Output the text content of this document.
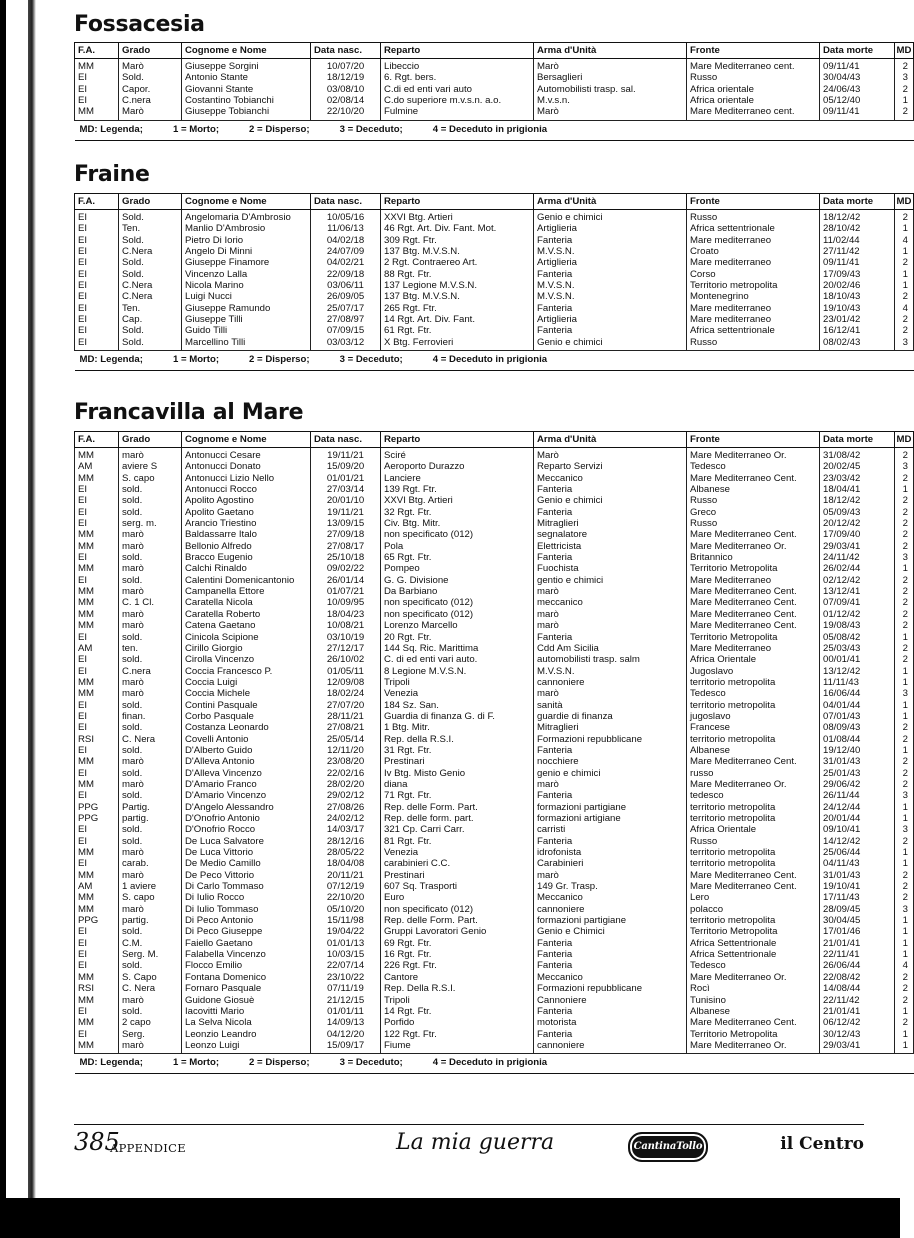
Fossacesia
F.A.	Grado	Cognome e Nome	Data nasc.	Reparto	Arma d'Unità	Fronte	Data morte	MD
MM	Marò	Giuseppe Sorgini	10/07/20	Libeccio	Marò	Mare Mediterraneo cent.	09/11/41	2
EI	Sold.	Antonio Stante	18/12/19	6. Rgt. bers.	Bersaglieri	Russo	30/04/43	3
EI	Capor.	Giovanni Stante	03/08/10	C.di ed enti vari auto	Automobilisti trasp. sal.	Africa orientale	24/06/43	2
EI	C.nera	Costantino Tobianchi	02/08/14	C.do superiore m.v.s.n. a.o.	M.v.s.n.	Africa orientale	05/12/40	1
MM	Marò	Giuseppe Tobianchi	22/10/20	Fulmine	Marò	Mare Mediterraneo cent.	09/11/41	2
MD: Legenda; 1 = Morto; 2 = Disperso; 3 = Deceduto; 4 = Deceduto in prigionia								
Fraine
F.A.	Grado	Cognome e Nome	Data nasc.	Reparto	Arma d'Unità	Fronte	Data morte	MD
EI	Sold.	Angelomaria D'Ambrosio	10/05/16	XXVI Btg. Artieri	Genio e chimici	Russo	18/12/42	2
EI	Ten.	Manlio D'Ambrosio	11/06/13	46 Rgt. Art. Div. Fant. Mot.	Artiglieria	Africa settentrionale	28/10/42	1
EI	Sold.	Pietro Di Iorio	04/02/18	309 Rgt. Ftr.	Fanteria	Mare mediterraneo	11/02/44	4
EI	C.Nera	Angelo Di Minni	24/07/09	137 Btg. M.V.S.N.	M.V.S.N.	Croato	27/11/42	1
EI	Sold.	Giuseppe Finamore	04/02/21	2 Rgt. Contraereo Art.	Artiglieria	Mare mediterraneo	09/11/41	2
EI	Sold.	Vincenzo Lalla	22/09/18	88 Rgt. Ftr.	Fanteria	Corso	17/09/43	1
EI	C.Nera	Nicola Marino	03/06/11	137 Legione M.V.S.N.	M.V.S.N.	Territorio metropolita	20/02/46	1
EI	C.Nera	Luigi Nucci	26/09/05	137 Btg. M.V.S.N.	M.V.S.N.	Montenegrino	18/10/43	2
EI	Ten.	Giuseppe Ramundo	25/07/17	265 Rgt. Ftr.	Fanteria	Mare mediterraneo	19/10/43	4
EI	Cap.	Giuseppe Tilli	27/08/97	14 Rgt. Art. Div. Fant.	Artiglieria	Mare mediterraneo	23/01/42	2
EI	Sold.	Guido Tilli	07/09/15	61 Rgt. Ftr.	Fanteria	Africa settentrionale	16/12/41	2
EI	Sold.	Marcellino Tilli	03/03/12	X Btg. Ferrovieri	Genio e chimici	Russo	08/02/43	3
MD: Legenda; 1 = Morto; 2 = Disperso; 3 = Deceduto; 4 = Deceduto in prigionia								
Francavilla al Mare
F.A.	Grado	Cognome e Nome	Data nasc.	Reparto	Arma d'Unità	Fronte	Data morte	MD
MM	marò	Antonucci Cesare	19/11/21	Sciré	Marò	Mare Mediterraneo Or.	31/08/42	2
AM	aviere S	Antonucci Donato	15/09/20	Aeroporto Durazzo	Reparto Servizi	Tedesco	20/02/45	3
MM	S. capo	Antonucci Lizio Nello	01/01/21	Lanciere	Meccanico	Mare Mediterraneo Cent.	23/03/42	2
EI	sold.	Antonucci Rocco	27/03/14	139 Rgt. Ftr.	Fanteria	Albanese	18/04/41	1
EI	sold.	Apolito Agostino	20/01/10	XXVI Btg. Artieri	Genio e chimici	Russo	18/12/42	2
EI	sold.	Apolito Gaetano	19/11/21	32 Rgt. Ftr.	Fanteria	Greco	05/09/43	2
EI	serg. m.	Arancio Triestino	13/09/15	Civ. Btg. Mitr.	Mitraglieri	Russo	20/12/42	2
MM	marò	Baldassarre Italo	27/09/18	non specificato (012)	segnalatore	Mare Mediterraneo Cent.	17/09/40	2
MM	marò	Bellonio Alfredo	27/08/17	Pola	Elettricista	Mare Mediterraneo Or.	29/03/41	2
EI	sold.	Bracco Eugenio	25/10/18	65 Rgt. Ftr.	Fanteria	Britannico	24/11/42	3
MM	marò	Calchi Rinaldo	09/02/22	Pompeo	Fuochista	Territorio Metropolita	26/02/44	1
EI	sold.	Calentini Domenicantonio	26/01/14	G. G. Divisione	gentio e chimici	Mare Mediterraneo	02/12/42	2
MM	marò	Campanella Ettore	01/07/21	Da Barbiano	marò	Mare Mediterraneo Cent.	13/12/41	2
MM	C. 1 Cl.	Caratella Nicola	10/09/95	non specificato (012)	meccanico	Mare Mediterraneo Cent.	07/09/41	2
MM	marò	Caratella Roberto	18/04/23	non specificato (012)	marò	Mare Mediterraneo Cent.	01/12/42	2
MM	marò	Catena Gaetano	10/08/21	Lorenzo Marcello	marò	Mare Mediterraneo Cent.	19/08/43	2
EI	sold.	Cinicola Scipione	03/10/19	20 Rgt. Ftr.	Fanteria	Territorio Metropolita	05/08/42	1
AM	ten.	Cirillo Giorgio	27/12/17	144 Sq. Ric. Marittima	Cdd Am Sicilia	Mare Mediterraneo	25/03/43	2
EI	sold.	Cirolla Vincenzo	26/10/02	C. di ed enti vari auto.	automobilisti trasp. salm	Africa Orientale	00/01/41	2
EI	C.nera	Coccia Francesco P.	01/05/11	8 Legione M.V.S.N.	M.V.S.N.	Jugoslavo	13/12/42	1
MM	marò	Coccia Luigi	12/09/08	Tripoli	cannoniere	territorio metropolita	11/11/43	1
MM	marò	Coccia Michele	18/02/24	Venezia	marò	Tedesco	16/06/44	3
EI	sold.	Contini Pasquale	27/07/20	184 Sz. San.	sanità	territorio metropolita	04/01/44	1
EI	finan.	Corbo Pasquale	28/11/21	Guardia di finanza G. di F.	guardie di finanza	jugoslavo	07/01/43	1
EI	sold.	Costanza Leonardo	27/08/21	1 Btg. Mitr.	Mitraglieri	Francese	08/09/43	2
RSI	C. Nera	Covelli Antonio	25/05/14	Rep. della R.S.I.	Formazioni repubblicane	territorio metropolita	01/08/44	2
EI	sold.	D'Alberto Guido	12/11/20	31 Rgt. Ftr.	Fanteria	Albanese	19/12/40	1
MM	marò	D'Alleva Antonio	23/08/20	Prestinari	nocchiere	Mare Mediterraneo Cent.	31/01/43	2
EI	sold.	D'Alleva Vincenzo	22/02/16	Iv Btg. Misto Genio	genio e chimici	russo	25/01/43	2
MM	marò	D'Amario Franco	28/02/20	diana	marò	Mare Mediterraneo Or.	29/06/42	2
EI	sold.	D'Amario Vincenzo	29/02/12	71 Rgt. Ftr.	Fanteria	tedesco	26/11/44	3
PPG	Partig.	D'Angelo Alessandro	27/08/26	Rep. delle Form. Part.	formazioni partigiane	territorio metropolita	24/12/44	1
PPG	partig.	D'Onofrio Antonio	24/02/12	Rep. delle form. part.	formazioni artigiane	territorio metropolita	20/01/44	1
EI	sold.	D'Onofrio Rocco	14/03/17	321 Cp. Carri Carr.	carristi	Africa Orientale	09/10/41	3
EI	sold.	De Luca Salvatore	28/12/16	81 Rgt. Ftr.	Fanteria	Russo	14/12/42	2
MM	marò	De Luca Vittorio	28/05/22	Venezia	idrofonista	territorio metropolita	25/06/44	1
EI	carab.	De Medio Camillo	18/04/08	carabinieri C.C.	Carabinieri	territorio metropolita	04/11/43	1
MM	marò	De Peco Vittorio	20/11/21	Prestinari	marò	Mare Mediterraneo Cent.	31/01/43	2
AM	1 aviere	Di Carlo Tommaso	07/12/19	607 Sq. Trasporti	149 Gr. Trasp.	Mare Mediterraneo Cent.	19/10/41	2
MM	S. capo	Di Iulio Rocco	22/10/20	Euro	Meccanico	Lero	17/11/43	2
MM	marò	Di Iulio Tommaso	05/10/20	non specificato (012)	cannoniere	polacco	28/09/45	3
PPG	partig.	Di Peco Antonio	15/11/98	Rep. delle Form. Part.	formazioni partigiane	territorio metropolita	30/04/45	1
EI	sold.	Di Peco Giuseppe	19/04/22	Gruppi Lavoratori Genio	Genio e Chimici	Territorio Metropolita	17/01/46	1
EI	C.M.	Faiello Gaetano	01/01/13	69 Rgt. Ftr.	Fanteria	Africa Settentrionale	21/01/41	1
EI	Serg. M.	Falabella Vincenzo	10/03/15	16 Rgt. Ftr.	Fanteria	Africa Settentrionale	22/11/41	1
EI	sold.	Flocco Emilio	22/07/14	226 Rgt. Ftr.	Fanteria	Tedesco	26/06/44	4
MM	S. Capo	Fontana Domenico	23/10/22	Cantore	Meccanico	Mare Mediterraneo Or.	22/08/42	2
RSI	C. Nera	Fornaro Pasquale	07/11/19	Rep. Della R.S.I.	Formazioni repubblicane	Rocì	14/08/44	2
MM	marò	Guidone Giosuè	21/12/15	Tripoli	Cannoniere	Tunisino	22/11/42	2
EI	sold.	Iacovitti Mario	01/01/11	14 Rgt. Ftr.	Fanteria	Albanese	21/01/41	1
MM	2 capo	La Selva Nicola	14/09/13	Porfido	motorista	Mare Mediterraneo Cent.	06/12/42	2
EI	Serg.	Leonzio Leandro	04/12/20	122 Rgt. Ftr.	Fanteria	Territorio Metropolita	30/12/43	1
MM	marò	Leonzo Luigi	15/09/17	Fiume	cannoniere	Mare Mediterraneo Or.	29/03/41	1
MD: Legenda; 1 = Morto; 2 = Disperso; 3 = Deceduto; 4 = Deceduto in prigionia								
385
APPENDICE	La mia guerra	CantinaTollo	il Centro
